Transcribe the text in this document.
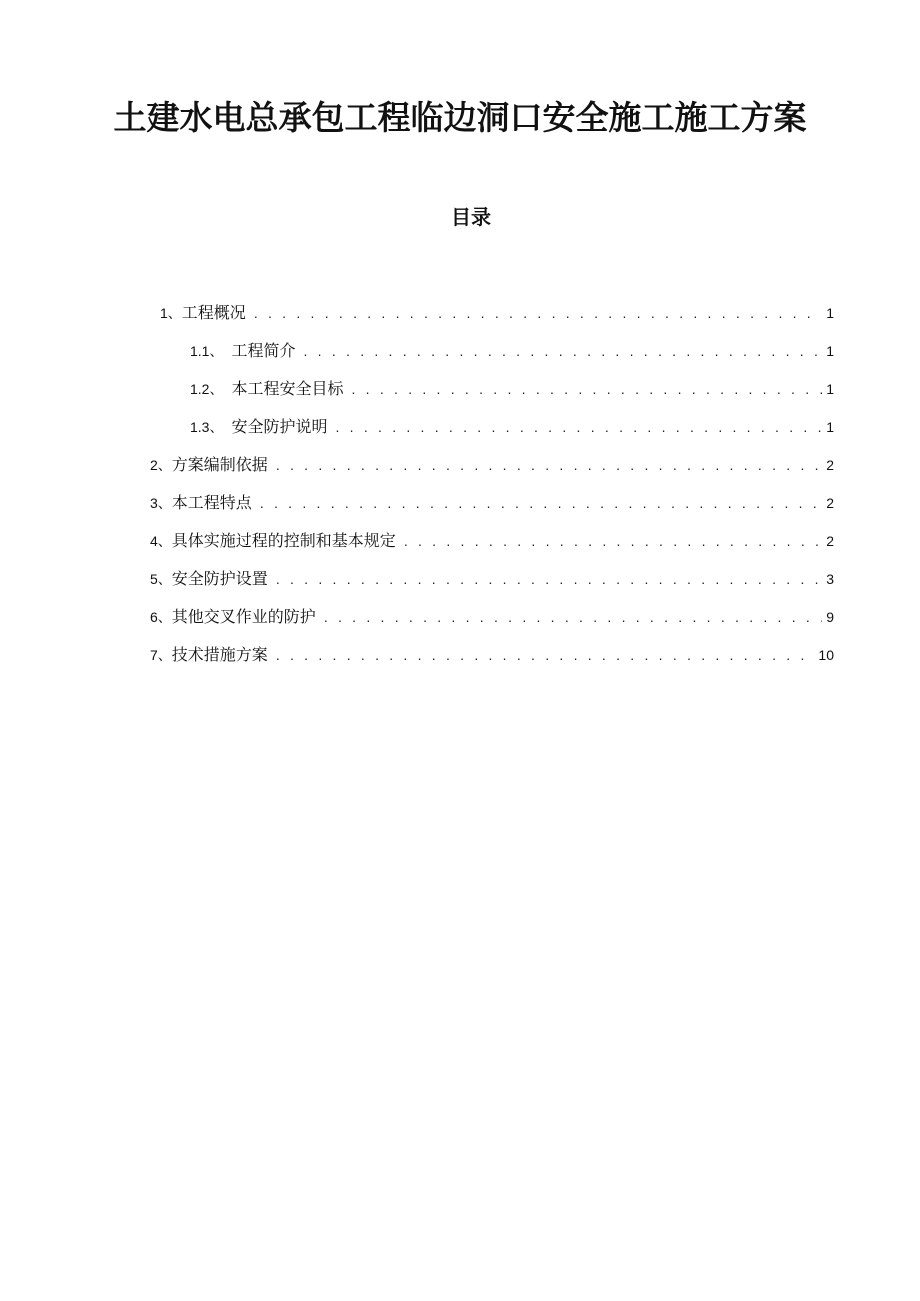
土建水电总承包工程临边洞口安全施工施工方案
目录
1、 工程概况 . . .	1
1.1、 工程简介 . . .	1
1.2、 本工程安全目标 . . .	1
1.3、 安全防护说明 . . .	1
2、 方案编制依据 . . .	2
3、 本工程特点 . . .	2
4、 具体实施过程的控制和基本规定 . . .	2
5、 安全防护设置 . . .	3
6、 其他交叉作业的防护 . . .	9
7、 技术措施方案 . . .	10
